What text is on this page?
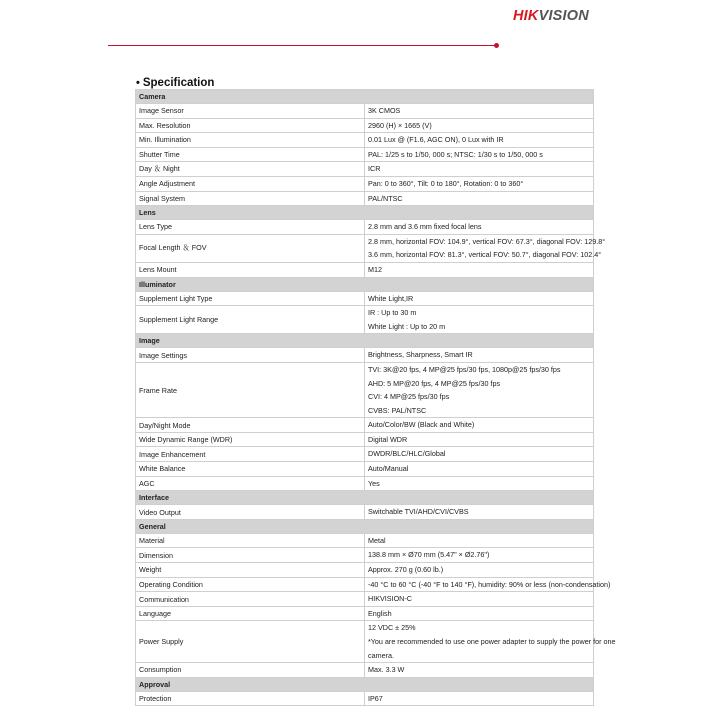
HIKVISION
• Specification
Camera	
Image Sensor	3K CMOS

Max. Resolution	2960 (H) × 1665 (V)

Min. Illumination	0.01 Lux @ (F1.6, AGC ON), 0 Lux with IR

Shutter Time	PAL: 1/25 s to 1/50, 000 s; NTSC: 1/30 s to 1/50, 000 s

Day ＆ Night	ICR

Angle Adjustment	Pan: 0 to 360°, Tilt: 0 to 180°, Rotation: 0 to 360°

Signal System	PAL/NTSC

Lens	
Lens Type	2.8 mm and 3.6 mm fixed focal lens

Focal Length ＆ FOV	2.8 mm, horizontal FOV: 104.9°, vertical FOV: 67.3°, diagonal FOV: 129.8°
3.6 mm, horizontal FOV: 81.3°, vertical FOV: 50.7°, diagonal FOV: 102.4°

Lens Mount	M12

Illuminator	
Supplement Light Type	White Light,IR

Supplement Light Range	IR : Up to 30 m
White Light : Up to 20 m

Image	
Image Settings	Brightness, Sharpness, Smart IR

Frame Rate	TVI: 3K@20 fps, 4 MP@25 fps/30 fps, 1080p@25 fps/30 fps
AHD: 5 MP@20 fps, 4 MP@25 fps/30 fps
CVI: 4 MP@25 fps/30 fps
CVBS: PAL/NTSC

Day/Night Mode	Auto/Color/BW (Black and White)

Wide Dynamic Range (WDR)	Digital WDR

Image Enhancement	DWDR/BLC/HLC/Global

White Balance	Auto/Manual

AGC	Yes

Interface	
Video Output	Switchable TVI/AHD/CVI/CVBS

General	
Material	Metal

Dimension	138.8 mm × Ø70 mm (5.47" × Ø2.76")

Weight	Approx. 270 g (0.60 lb.)

Operating Condition	-40 °C to 60 °C (-40 °F to 140 °F), humidity: 90% or less (non-condensation)

Communication	HIKVISION-C

Language	English

Power Supply	12 VDC ± 25%
*You are recommended to use one power adapter to supply the power for one
camera.

Consumption	Max. 3.3 W

Approval	
Protection	IP67
